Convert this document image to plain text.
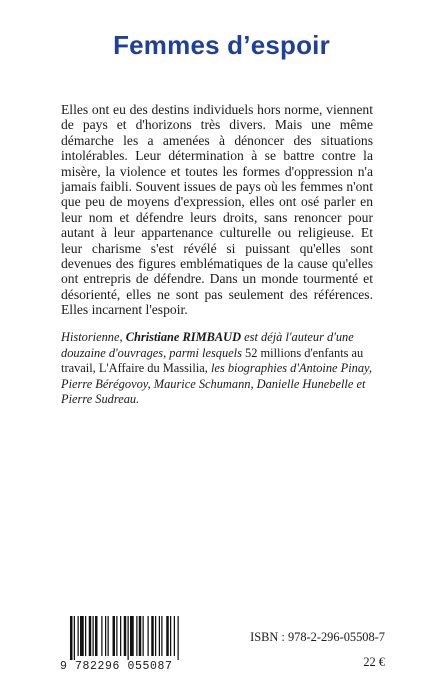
Femmes d’espoir

Elles ont eu des destins individuels hors norme, viennent de pays et d'horizons très divers. Mais une même démarche les a amenées à dénoncer des situations intolérables. Leur détermination à se battre contre la misère, la violence et toutes les formes d'oppression n'a jamais faibli. Souvent issues de pays où les femmes n'ont que peu de moyens d'expression, elles ont osé parler en leur nom et défendre leurs droits, sans renoncer pour autant à leur appartenance culturelle ou religieuse. Et leur charisme s'est révélé si puissant qu'elles sont devenues des figures emblématiques de la cause qu'elles ont entrepris de défendre. Dans un monde tourmenté et désorienté, elles ne sont pas seulement des références. Elles incarnent l'espoir.

Historienne, Christiane RIMBAUD est déjà l'auteur d'une douzaine d'ouvrages, parmi lesquels 52 millions d'enfants au travail, L'Affaire du Massilia, les biographies d'Antoine Pinay, Pierre Bérégovoy, Maurice Schumann, Danielle Hunebelle et Pierre Sudreau.

9 782296 055087
ISBN : 978-2-296-05508-7
22 €
